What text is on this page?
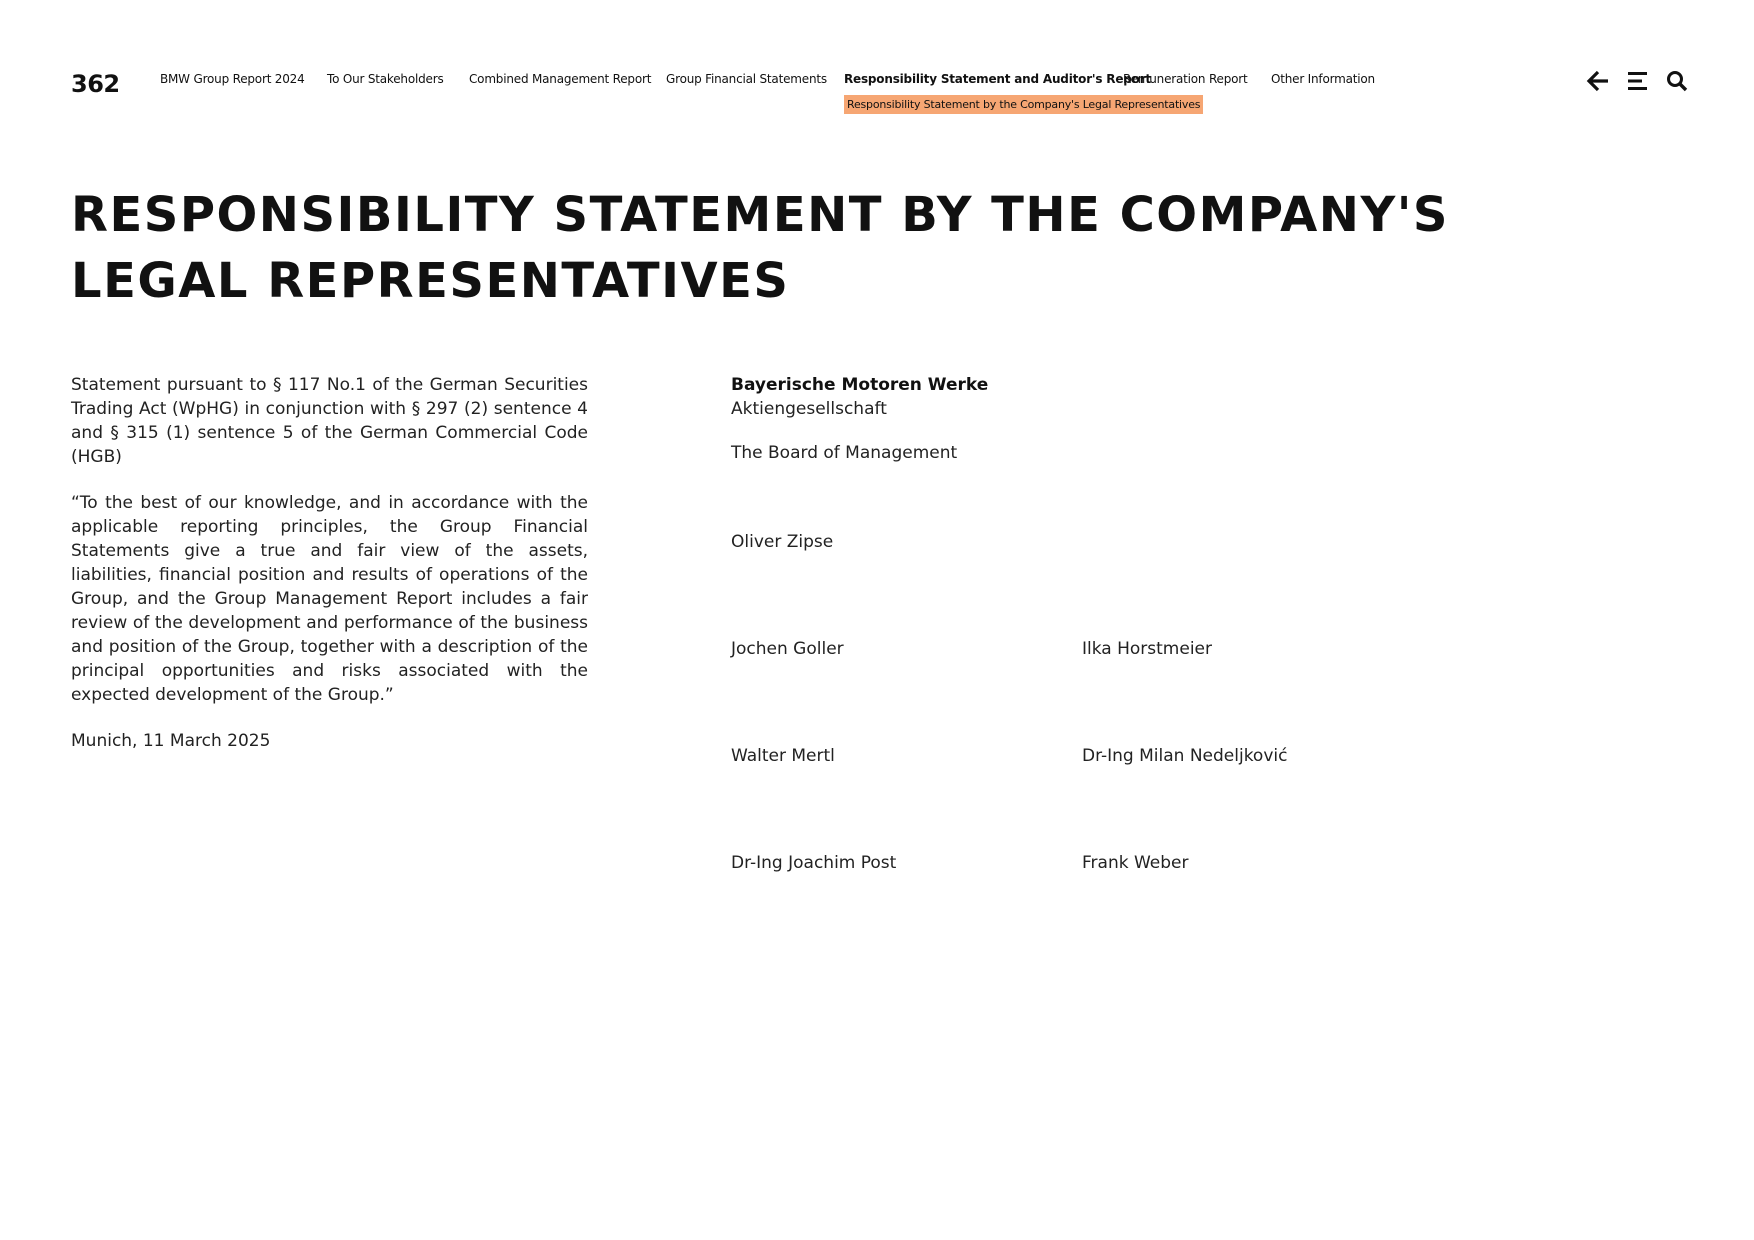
362	BMW Group Report 2024 To Our Stakeholders Combined Management Report Group Financial Statements Responsibility Statement and Auditor's Report
Remuneration Report Other Information
Responsibility Statement by the Company's Legal Representatives
RESPONSIBILITY STATEMENT BY THE COMPANY'S
LEGAL REPRESENTATIVES

Statement pursuant to § 117 No.1 of the German Securities Trading Act (WpHG) in conjunction with § 297 (2) sentence 4 and § 315 (1) sentence 5 of the German Commercial Code (HGB)

“To the best of our knowledge, and in accordance with the applicable reporting principles, the Group Financial Statements give a true and fair view of the assets, liabilities, financial position and results of operations of the Group, and the Group Management Report includes a fair review of the development and performance of the business and position of the Group, together with a description of the principal opportunities and risks associated with the expected development of the Group.”

Munich, 11 March 2025

Bayerische Motoren Werke
Aktiengesellschaft
The Board of Management
Oliver Zipse
Jochen Goller	Ilka Horstmeier
Walter Mertl	Dr-Ing Milan Nedeljković
Dr-Ing Joachim Post	Frank Weber
